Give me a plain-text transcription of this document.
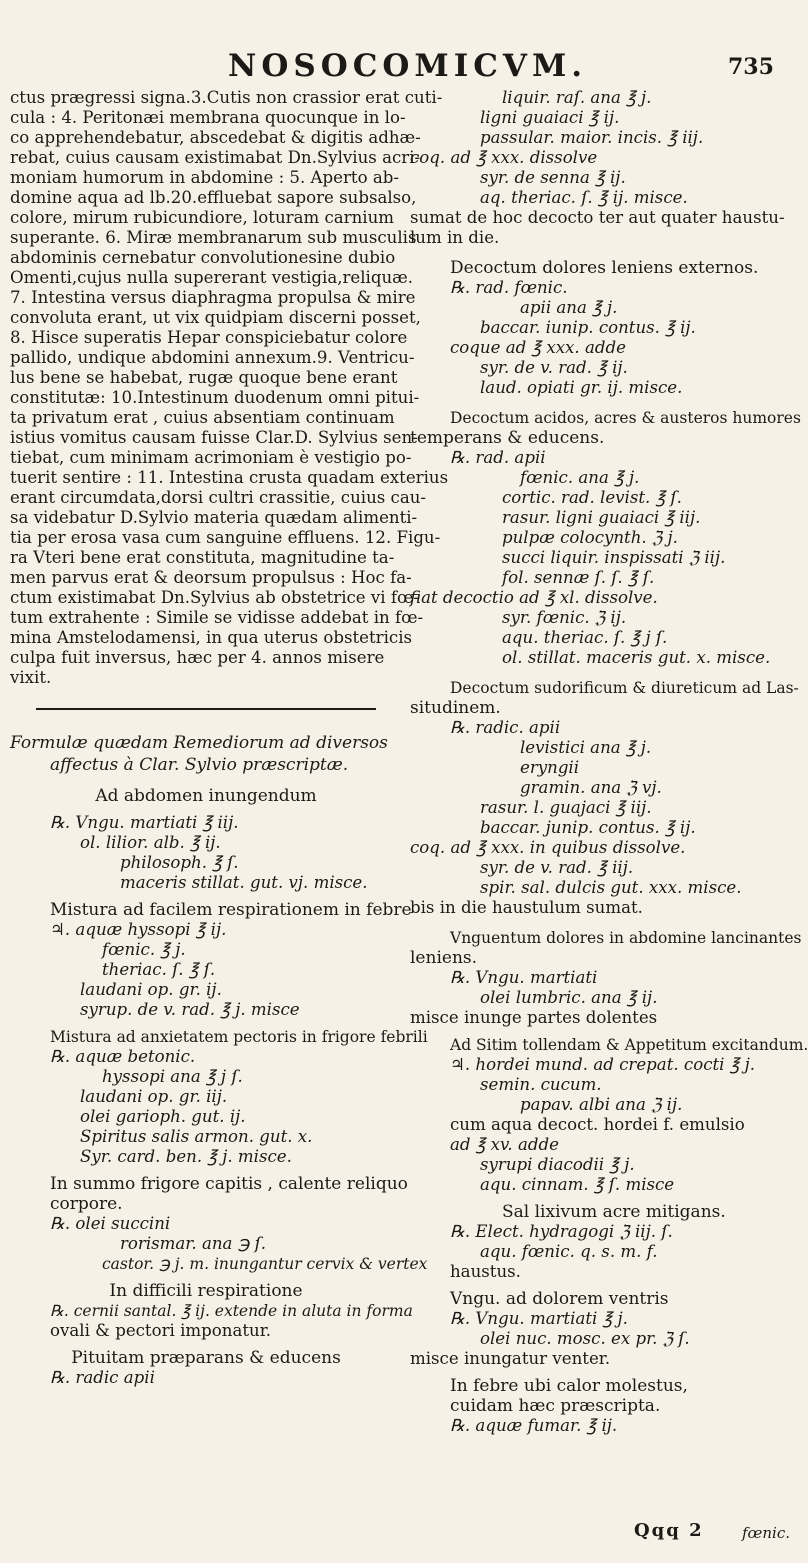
NOSOCOMICVM.	735
ctus prægressi signa.3.Cutis non crassior erat cuti-
cula : 4. Peritonæi membrana quocunque in lo-
co apprehendebatur, abscedebat & digitis adhæ-
rebat, cuius causam existimabat Dn.Sylvius acri-
moniam humorum in abdomine : 5. Aperto ab-
domine aqua ad lb.20.effluebat sapore subsalso,
colore, mirum rubicundiore, loturam carnium
superante. 6. Miræ membranarum sub musculis
abdominis cernebatur convolutionesine dubio
Omenti,cujus nulla supererant vestigia,reliquæ.
7. Intestina versus diaphragma propulsa & mire
convoluta erant, ut vix quidpiam discerni posset,
8. Hisce superatis Hepar conspiciebatur colore
pallido, undique abdomini annexum.9. Ventricu-
lus bene se habebat, rugæ quoque bene erant
constitutæ: 10.Intestinum duodenum omni pitui-
ta privatum erat , cuius absentiam continuam
istius vomitus causam fuisse Clar.D. Sylvius sen-
tiebat, cum minimam acrimoniam è vestigio po-
tuerit sentire : 11. Intestina crusta quadam exterius
erant circumdata,dorsi cultri crassitie, cuius cau-
sa videbatur D.Sylvio materia quædam alimenti-
tia per erosa vasa cum sanguine effluens. 12. Figu-
ra Vteri bene erat constituta, magnitudine ta-
men parvus erat & deorsum propulsus : Hoc fa-
ctum existimabat Dn.Sylvius ab obstetrice vi fœ-
tum extrahente : Simile se vidisse addebat in fœ-
mina Amstelodamensi, in qua uterus obstetricis
culpa fuit inversus, hæc per 4. annos misere
vixit.
Formulæ quædam Remediorum ad diversos
affectus à Clar. Sylvio præscriptæ.
Ad abdomen inungendum
℞. Vngu. martiati ℥ iij.
ol. lilior. alb. ℥ ij.
philosoph. ℥ ſ.
maceris stillat. gut. vj. misce.
Mistura ad facilem respirationem in febre
♃. aquæ hyssopi ℥ ij.
fœnic. ℥ j.
theriac. ſ. ℥ ſ.
laudani op. gr. ij.
syrup. de v. rad. ℥ j. misce
Mistura ad anxietatem pectoris in frigore febrili
℞. aquæ betonic.
hyssopi ana ℥ j ſ.
laudani op. gr. iij.
olei garioph. gut. ij.
Spiritus salis armon. gut. x.
Syr. card. ben. ℥ j. misce.
In summo frigore capitis , calente reliquo
corpore.
℞. olei succini
rorismar. ana ℈ ſ.
castor. ℈ j. m. inungantur cervix & vertex
In difficili respiratione
℞. cernii santal. ℥ ij. extende in aluta in forma
ovali & pectori imponatur.
Pituitam præparans & educens
℞. radic apii
liquir. raſ. ana ℥ j.
ligni guaiaci ℥ ij.
passular. maior. incis. ℥ iij.
coq. ad ℥ xxx. dissolve
syr. de senna ℥ ij.
aq. theriac. ſ. ℥ ij. misce.
sumat de hoc decocto ter aut quater haustu-
lum in die.
Decoctum dolores leniens externos.
℞. rad. fœnic.
apii ana ℥ j.
baccar. iunip. contus. ℥ ij.
coque ad ℥ xxx. adde
syr. de v. rad. ℥ ij.
laud. opiati gr. ij. misce.
Decoctum acidos, acres & austeros humores
temperans & educens.
℞. rad. apii
fœnic. ana ℥ j.
cortic. rad. levist. ℥ ſ.
rasur. ligni guaiaci ℥ iij.
pulpæ colocynth. ℨ j.
succi liquir. inspissati ℨ iij.
fol. sennæ ſ. ſ. ℥ ſ.
fiat decoctio ad ℥ xl. dissolve.
syr. fœnic. ℨ ij.
aqu. theriac. ſ. ℥ j ſ.
ol. stillat. maceris gut. x. misce.
Decoctum sudorificum & diureticum ad Las-
situdinem.
℞. radic. apii
levistici ana ℥ j.
eryngii
gramin. ana ℨ vj.
rasur. l. guajaci ℥ iij.
baccar. junip. contus. ℥ ij.
coq. ad ℥ xxx. in quibus dissolve.
syr. de v. rad. ℥ iij.
spir. sal. dulcis gut. xxx. misce.
bis in die haustulum sumat.
Vnguentum dolores in abdomine lancinantes
leniens.
℞. Vngu. martiati
olei lumbric. ana ℥ ij.
misce inunge partes dolentes
Ad Sitim tollendam & Appetitum excitandum.
♃. hordei mund. ad crepat. cocti ℥ j.
semin. cucum.
papav. albi ana ℨ ij.
cum aqua decoct. hordei f. emulsio
ad ℥ xv. adde
syrupi diacodii ℥ j.
aqu. cinnam. ℥ ſ. misce
Sal lixivum acre mitigans.
℞. Elect. hydragogi ℨ iij. ſ.
aqu. fœnic. q. s. m. f.
haustus.
Vngu. ad dolorem ventris
℞. Vngu. martiati ℥ j.
olei nuc. mosc. ex pr. ℨ ſ.
misce inungatur venter.
In febre ubi calor molestus,
cuidam hæc præscripta.
℞. aquæ fumar. ℥ ij.
Qqq 2	fœnic.
